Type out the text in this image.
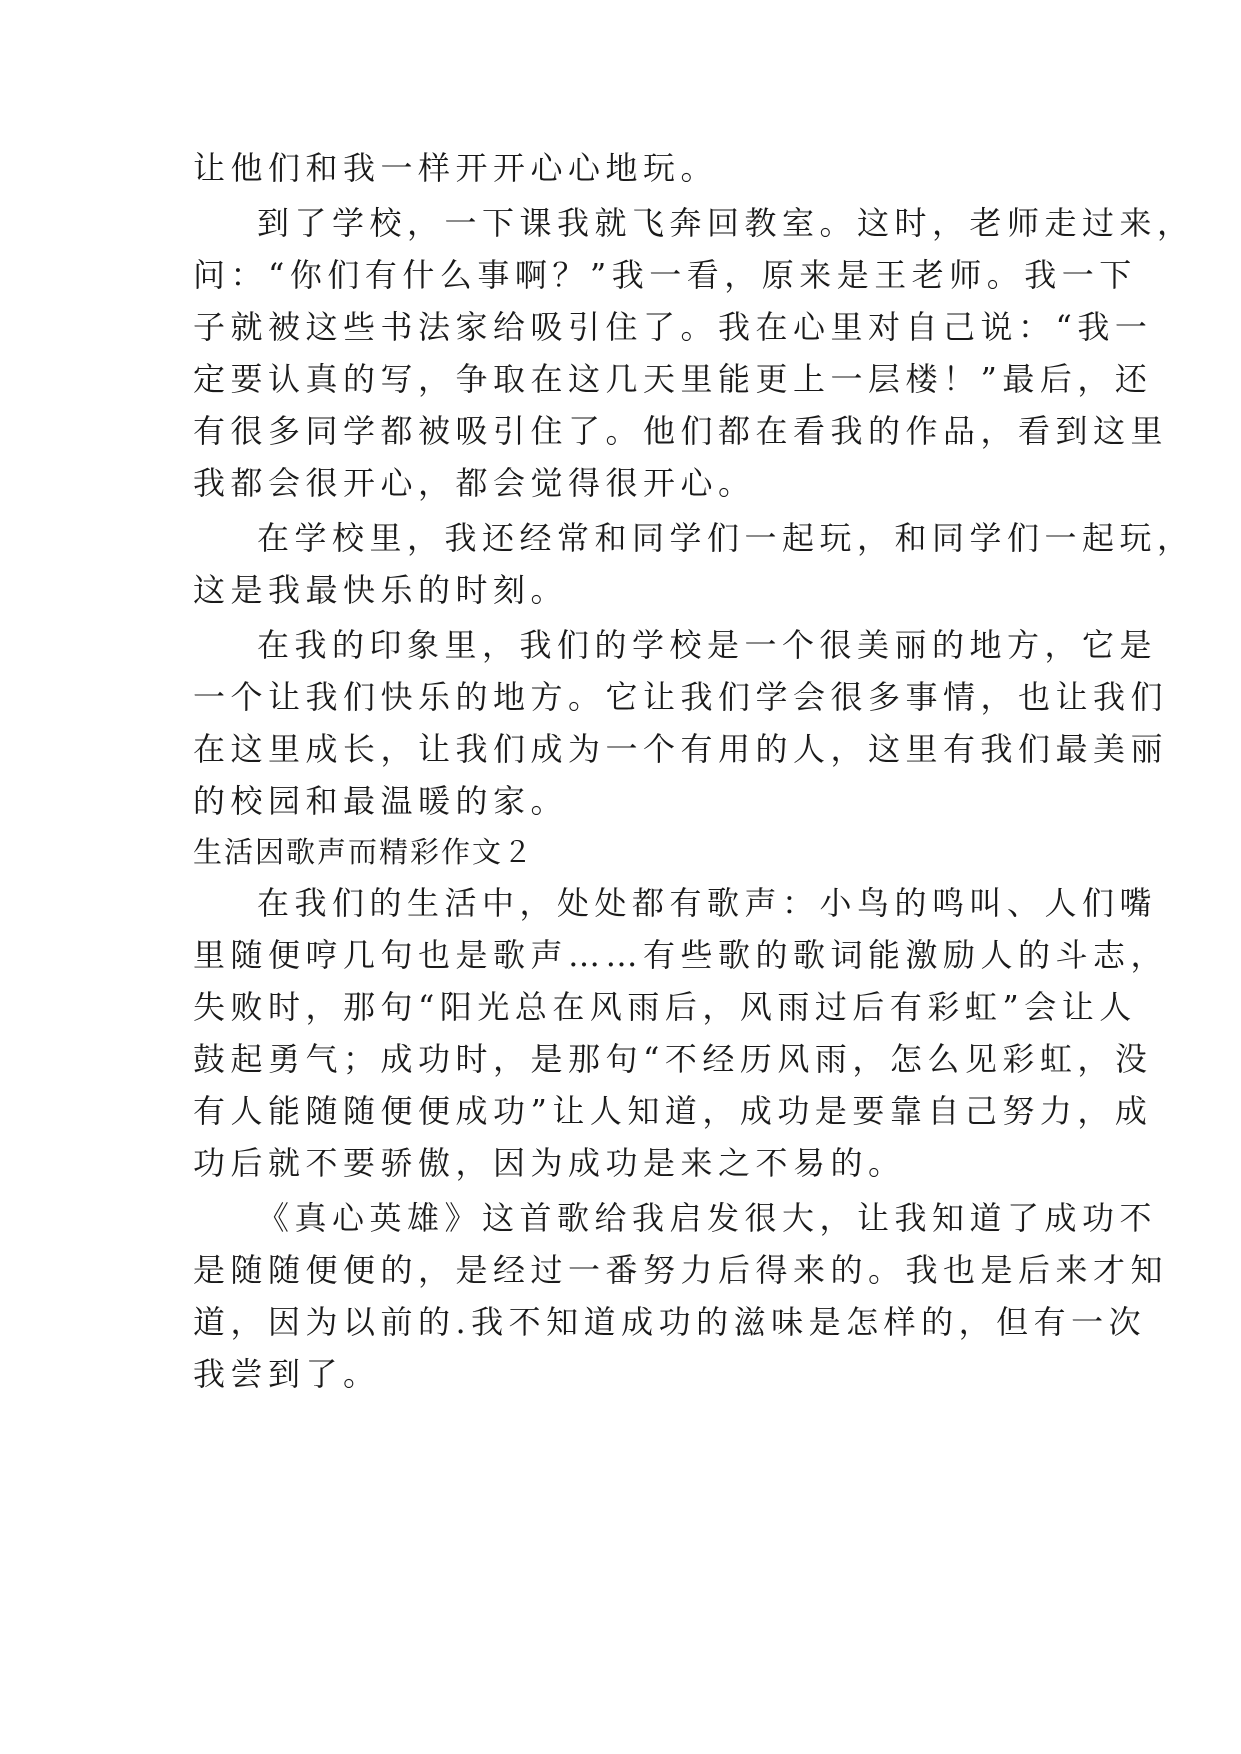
让他们和我一样开开心心地玩。
到了学校，一下课我就飞奔回教室。这时，老师走过来，
问：“你们有什么事啊？”我一看，原来是王老师。我一下
子就被这些书法家给吸引住了。我在心里对自己说：“我一
定要认真的写，争取在这几天里能更上一层楼！”最后，还
有很多同学都被吸引住了。他们都在看我的作品，看到这里
我都会很开心，都会觉得很开心。
在学校里，我还经常和同学们一起玩，和同学们一起玩，
这是我最快乐的时刻。
在我的印象里，我们的学校是一个很美丽的地方，它是
一个让我们快乐的地方。它让我们学会很多事情，也让我们
在这里成长，让我们成为一个有用的人，这里有我们最美丽
的校园和最温暖的家。
生活因歌声而精彩作文２
在我们的生活中，处处都有歌声：小鸟的鸣叫、人们嘴
里随便哼几句也是歌声……有些歌的歌词能激励人的斗志，
失败时，那句“阳光总在风雨后，风雨过后有彩虹”会让人
鼓起勇气；成功时，是那句“不经历风雨，怎么见彩虹，没
有人能随随便便成功”让人知道，成功是要靠自己努力，成
功后就不要骄傲，因为成功是来之不易的。
《真心英雄》这首歌给我启发很大，让我知道了成功不
是随随便便的，是经过一番努力后得来的。我也是后来才知
道，因为以前的.我不知道成功的滋味是怎样的，但有一次
我尝到了。
